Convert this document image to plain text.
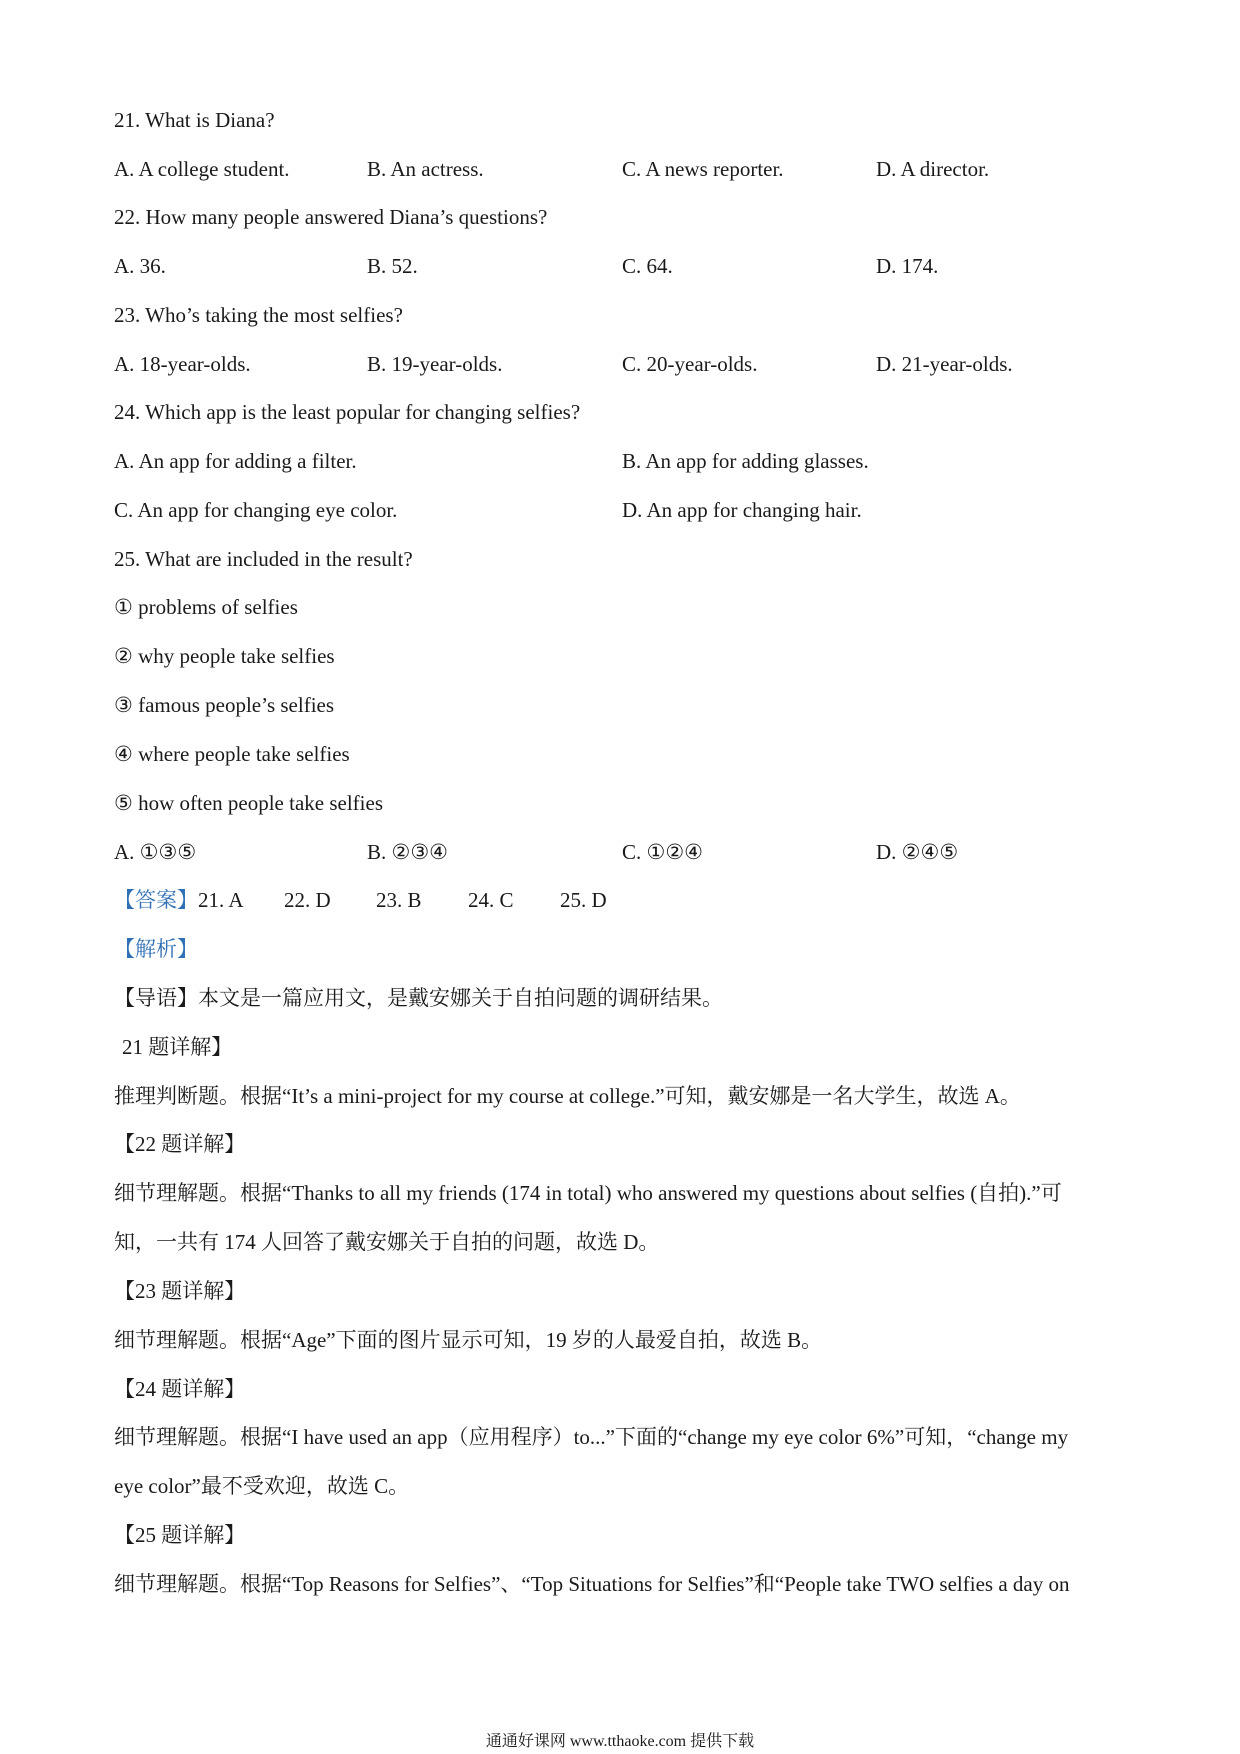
21. What is Diana?
A. A college student.	B. An actress.	C. A news reporter.	D. A director.
22. How many people answered Diana’s questions?
A. 36.	B. 52.	C. 64.	D. 174.
23. Who’s taking the most selfies?
A. 18-year-olds.	B. 19-year-olds.	C. 20-year-olds.	D. 21-year-olds.
24. Which app is the least popular for changing selfies?
A. An app for adding a filter.	B. An app for adding glasses.
C. An app for changing eye color.	D. An app for changing hair.
25. What are included in the result?
① problems of selfies
② why people take selfies
③ famous people’s selfies
④ where people take selfies
⑤ how often people take selfies
A. ①③⑤	B. ②③④	C. ①②④	D. ②④⑤
【答案】21. A 22. D 23. B 24. C 25. D
【解析】
【导语】本文是一篇应用文，是戴安娜关于自拍问题的调研结果。
21 题详解】
推理判断题。根据“It’s a mini-project for my course at college.”可知，戴安娜是一名大学生，故选 A。
【22 题详解】
细节理解题。根据“Thanks to all my friends (174 in total) who answered my questions about selfies (自拍).”可
知，一共有 174 人回答了戴安娜关于自拍的问题，故选 D。
【23 题详解】
细节理解题。根据“Age”下面的图片显示可知，19 岁的人最爱自拍，故选 B。
【24 题详解】
细节理解题。根据“I have used an app（应用程序）to...”下面的“change my eye color 6%”可知，“change my
eye color”最不受欢迎，故选 C。
【25 题详解】
细节理解题。根据“Top Reasons for Selfies”、“Top Situations for Selfies”和“People take TWO selfies a day on
通通好课网 www.tthaoke.com 提供下载
